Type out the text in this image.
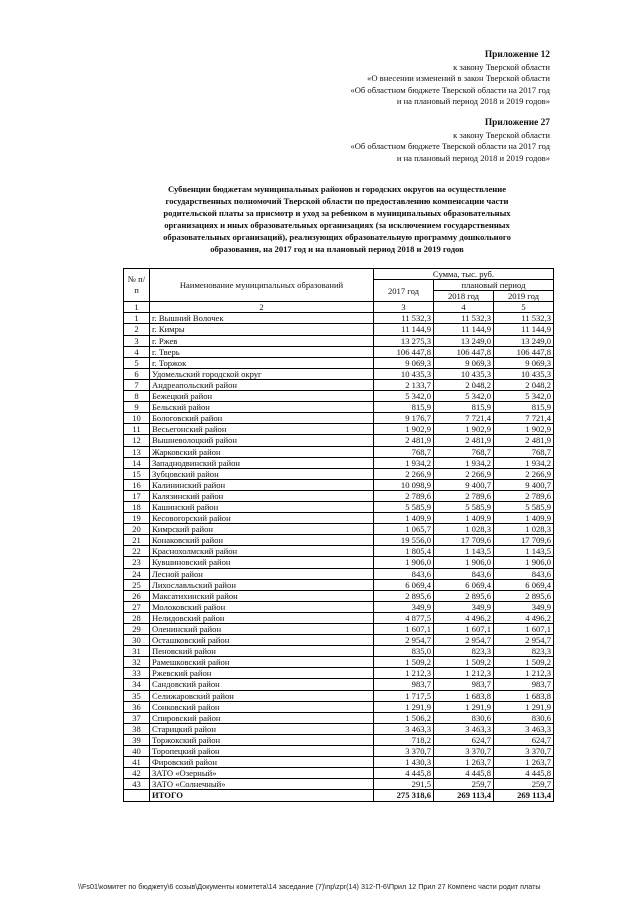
Приложение 12
к закону Тверской области
«О внесении изменений в закон Тверской области
«Об областном бюджете Тверской области на 2017 год
и на плановый период 2018 и 2019 годов»
Приложение 27
к закону Тверской области
«Об областном бюджете Тверской области на 2017 год
и на плановый период 2018 и 2019 годов»
Субвенции бюджетам муниципальных районов и городских округов на осуществление
государственных полномочий Тверской области по предоставлению компенсации части
родительской платы за присмотр и уход за ребенком в муниципальных образовательных
организациях и иных образовательных организациях (за исключением государственных
образовательных организаций), реализующих образовательную программу дошкольного
образования, на 2017 год и на плановый период 2018 и 2019 годов
№ п/п	Наименование муниципальных образований	Сумма, тыс. руб.		
		2017 год	плановый период	
			2018 год	2019 год
1	2	3	4	5
1	г. Вышний Волочек	11 532,3	11 532,3	11 532,3
2	г. Кимры	11 144,9	11 144,9	11 144,9
3	г. Ржев	13 275,3	13 249,0	13 249,0
4	г. Тверь	106 447,8	106 447,8	106 447,8
5	г. Торжок	9 069,3	9 069,3	9 069,3
6	Удомельский городской округ	10 435,3	10 435,3	10 435,3
7	Андреапольский район	2 133,7	2 048,2	2 048,2
8	Бежецкий район	5 342,0	5 342,0	5 342,0
9	Бельский район	815,9	815,9	815,9
10	Бологовский район	9 176,7	7 721,4	7 721,4
11	Весьегонский район	1 902,9	1 902,9	1 902,9
12	Вышневолоцкий район	2 481,9	2 481,9	2 481,9
13	Жарковский район	768,7	768,7	768,7
14	Западнодвинский район	1 934,2	1 934,2	1 934,2
15	Зубцовский район	2 266,9	2 266,9	2 266,9
16	Калининский район	10 098,9	9 400,7	9 400,7
17	Калязинский район	2 789,6	2 789,6	2 789,6
18	Кашинский район	5 585,9	5 585,9	5 585,9
19	Кесовогорский район	1 409,9	1 409,9	1 409,9
20	Кимрский район	1 065,7	1 028,3	1 028,3
21	Конаковский район	19 556,0	17 709,6	17 709,6
22	Краснохолмский район	1 805,4	1 143,5	1 143,5
23	Кувшиновский район	1 906,0	1 906,0	1 906,0
24	Лесной район	843,6	843,6	843,6
25	Лихославльский район	6 069,4	6 069,4	6 069,4
26	Максатихинский район	2 895,6	2 895,6	2 895,6
27	Молоковский район	349,9	349,9	349,9
28	Нелидовский район	4 877,5	4 496,2	4 496,2
29	Оленинский район	1 607,1	1 607,1	1 607,1
30	Осташковский район	2 954,7	2 954,7	2 954,7
31	Пеновский район	835,0	823,3	823,3
32	Рамешковский район	1 509,2	1 509,2	1 509,2
33	Ржевский район	1 212,3	1 212,3	1 212,3
34	Сандовский район	983,7	983,7	983,7
35	Селижаровский район	1 717,5	1 683,8	1 683,8
36	Сонковский район	1 291,9	1 291,9	1 291,9
37	Спировский район	1 506,2	830,6	830,6
38	Старицкий район	3 463,3	3 463,3	3 463,3
39	Торжокский район	718,2	624,7	624,7
40	Торопецкий район	3 370,7	3 370,7	3 370,7
41	Фировский район	1 430,3	1 263,7	1 263,7
42	ЗАТО «Озерный»	4 445,8	4 445,8	4 445,8
43	ЗАТО «Солнечный»	291,5	259,7	259,7
	ИТОГО	275 318,6	269 113,4	269 113,4
\\Fs01\комитет по бюджету\6 созыв\Документы комитета\14 заседание (7)\пр\zpr(14) 312-П-6\Прил 12 Прил 27 Компенс части родит платы
